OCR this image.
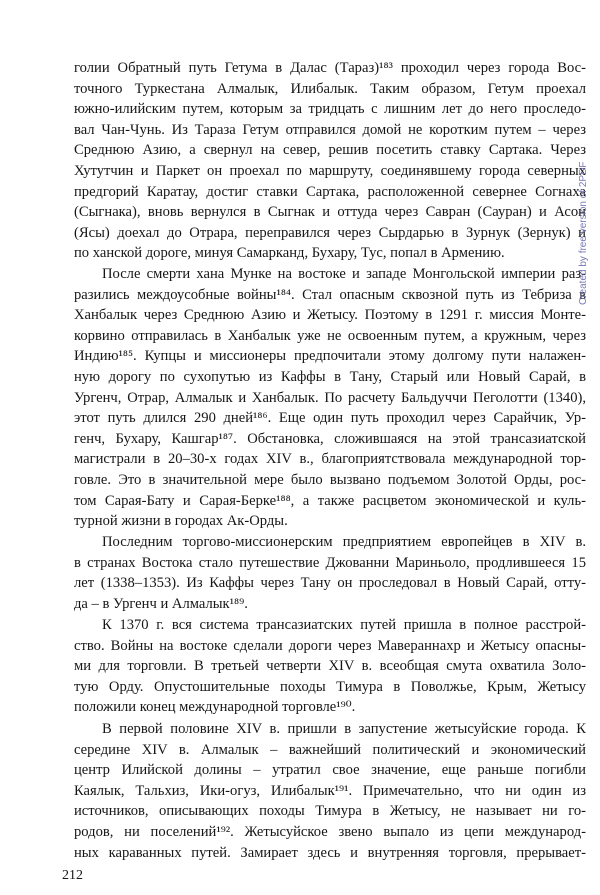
голии Обратный путь Гетума в Далас (Тараз)¹⁸³ проходил через города Вос-
точного Туркестана Алмалык, Илибалык. Таким образом, Гетум проехал
южно-илийским путем, которым за тридцать с лишним лет до него проследо-
вал Чан-Чунь. Из Тараза Гетум отправился домой не коротким путем – через
Среднюю Азию, а свернул на север, решив посетить ставку Сартака. Через
Хутутчин и Паркет он проехал по маршруту, соединявшему города северных
предгорий Каратау, достиг ставки Сартака, расположенной севернее Согнаха
(Сыгнака), вновь вернулся в Сыгнак и оттуда через Савран (Сауран) и Асон
(Ясы) доехал до Отрара, переправился через Сырдарью в Зурнук (Зернук) и
по ханской дороге, минуя Самарканд, Бухару, Тус, попал в Армению.
После смерти хана Мунке на востоке и западе Монгольской империи раз-
разились междоусобные войны¹⁸⁴. Стал опасным сквозной путь из Тебриза в
Ханбалык через Среднюю Азию и Жетысу. Поэтому в 1291 г. миссия Монте-
корвино отправилась в Ханбалык уже не освоенным путем, а кружным, через
Индию¹⁸⁵. Купцы и миссионеры предпочитали этому долгому пути налажен-
ную дорогу по сухопутью из Каффы в Тану, Старый или Новый Сарай, в
Ургенч, Отрар, Алмалык и Ханбалык. По расчету Бальдуччи Пеголотти (1340),
этот путь длился 290 дней¹⁸⁶. Еще один путь проходил через Сарайчик, Ур-
генч, Бухару, Кашгар¹⁸⁷. Обстановка, сложившаяся на этой трансазиатской
магистрали в 20–30-х годах XIV в., благоприятствовала международной тор-
говле. Это в значительной мере было вызвано подъемом Золотой Орды, рос-
том Сарая-Бату и Сарая-Берке¹⁸⁸, а также расцветом экономической и куль-
турной жизни в городах Ак-Орды.
Последним торгово-миссионерским предприятием европейцев в XIV в.
в странах Востока стало путешествие Джованни Мариньоло, продлившееся 15
лет (1338–1353). Из Каффы через Тану он проследовал в Новый Сарай, отту-
да – в Ургенч и Алмалык¹⁸⁹.
К 1370 г. вся система трансазиатских путей пришла в полное расстрой-
ство. Войны на востоке сделали дороги через Мавераннахр и Жетысу опасны-
ми для торговли. В третьей четверти XIV в. всеобщая смута охватила Золо-
тую Орду. Опустошительные походы Тимура в Поволжье, Крым, Жетысу
положили конец международной торговле¹⁹⁰.
В первой половине XIV в. пришли в запустение жетысуйские города. К
середине XIV в. Алмалык – важнейший политический и экономический
центр Илийской долины – утратил свое значение, еще раньше погибли
Каялык, Тальхиз, Ики-огуз, Илибалык¹⁹¹. Примечательно, что ни один из
источников, описывающих походы Тимура в Жетысу, не называет ни го-
родов, ни поселений¹⁹². Жетысуйское звено выпало из цепи международ-
ных караванных путей. Замирает здесь и внутренняя торговля, прерывает-
212
Created by free version of 2PDF
